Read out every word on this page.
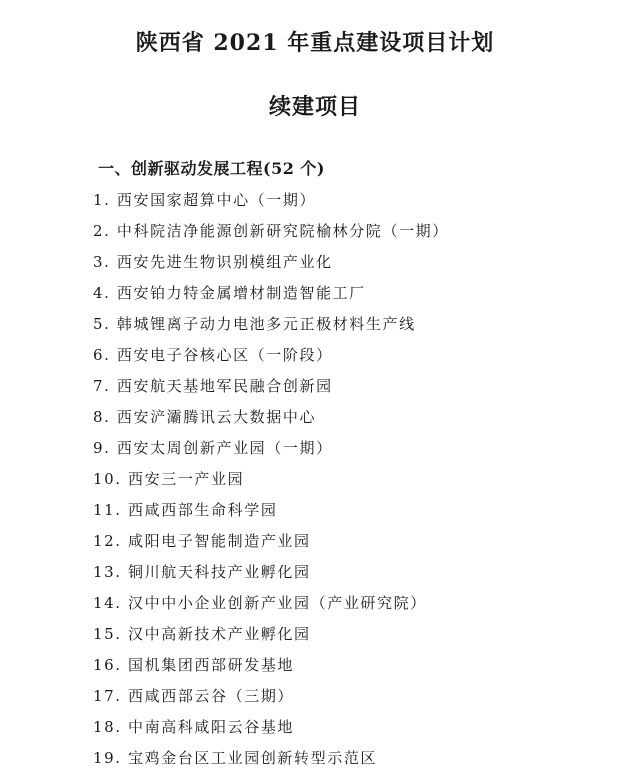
陕西省 2021 年重点建设项目计划
续建项目
一、创新驱动发展工程(52 个)
1. 西安国家超算中心（一期）
2. 中科院洁净能源创新研究院榆林分院（一期）
3. 西安先进生物识别模组产业化
4. 西安铂力特金属增材制造智能工厂
5. 韩城锂离子动力电池多元正极材料生产线
6. 西安电子谷核心区（一阶段）
7. 西安航天基地军民融合创新园
8. 西安浐灞腾讯云大数据中心
9. 西安太周创新产业园（一期）
10. 西安三一产业园
11. 西咸西部生命科学园
12. 咸阳电子智能制造产业园
13. 铜川航天科技产业孵化园
14. 汉中中小企业创新产业园（产业研究院）
15. 汉中高新技术产业孵化园
16. 国机集团西部研发基地
17. 西咸西部云谷（三期）
18. 中南高科咸阳云谷基地
19. 宝鸡金台区工业园创新转型示范区
